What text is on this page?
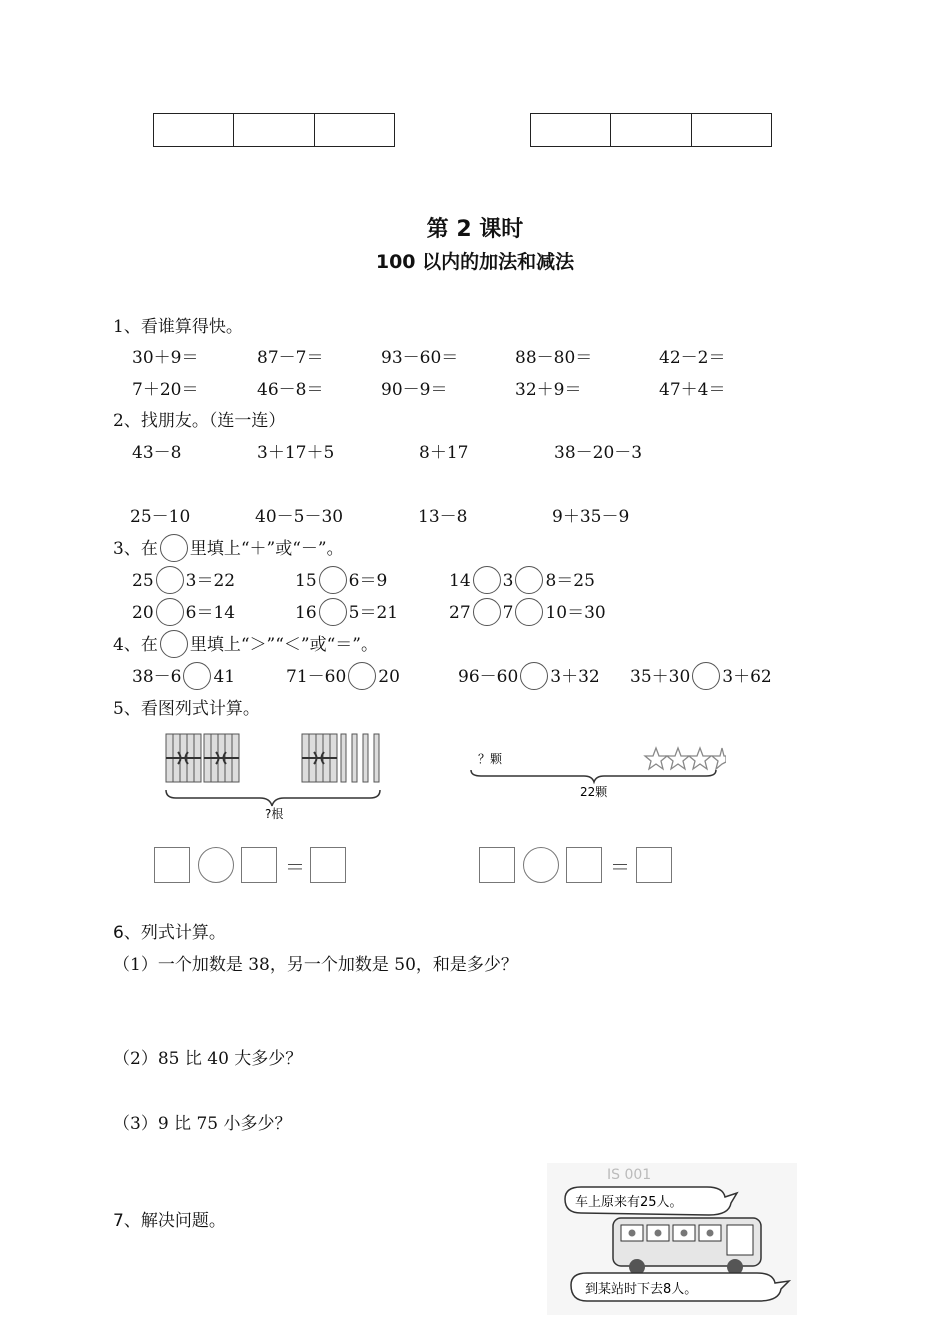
第 2 课时
100 以内的加法和减法
1、看谁算得快。
30＋9＝	87－7＝	93－60＝	88－80＝	42－2＝
7＋20＝	46－8＝	90－9＝	32＋9＝	47＋4＝
2、找朋友。（连一连）
43－8	3＋17＋5	8＋17	38－20－3
25－10	40－5－30	13－8	9＋35－9
3、在 里填上“＋”或“－”。
25 3＝22	15 6＝9	14 3 8＝25
20 6＝14	16 5＝21	27 7 10＝30
4、在 里填上“＞”“＜”或“＝”。
38－6 41	71－60 20	96－60 3＋32 35＋30 3＋62
5、看图列式计算。
?根
？颗
22颗
＝	＝
6、列式计算。
（1）一个加数是 38，另一个加数是 50，和是多少？
（2）85 比 40 大多少？
（3）9 比 75 小多少？
7、解决问题。
IS 001
车上原来有25人。
到某站时下去8人。
